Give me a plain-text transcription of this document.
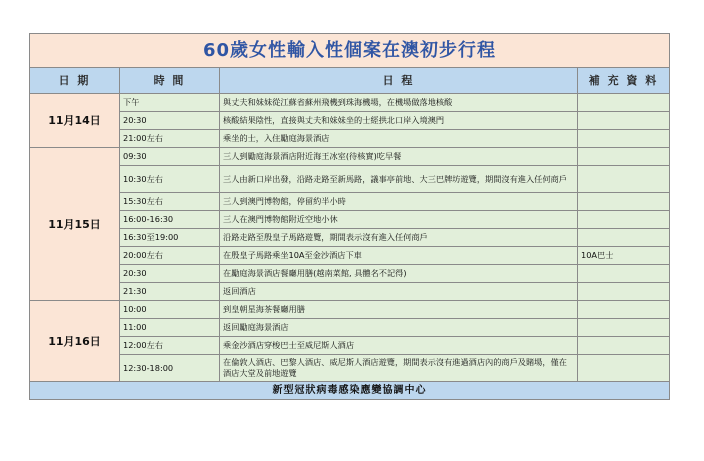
60歲女性輸入性個案在澳初步行程			
日 期	時 間	日 程	補 充 資 料
11月14日	下午	與丈夫和妹妹從江蘇省蘇州飛機到珠海機場，在機場做落地核酸	
	20:30	核酸結果陰性，直接與丈夫和妹妹坐的士經拱北口岸入境澳門	
	21:00左右	乘坐的士，入住勵庭海景酒店	
11月15日	09:30	三人到勵庭海景酒店附近海王冰室(待核實)吃早餐	
	10:30左右	三人由新口岸出發，沿路走路至新馬路，議事亭前地、大三巴牌坊遊覽，期間沒有進入任何商戶	
	15:30左右	三人到澳門博物館，停留約半小時	
	16:00-16:30	三人在澳門博物館附近空地小休	
	16:30至19:00	沿路走路至殷皇子馬路遊覽，期間表示沒有進入任何商戶	
	20:00左右	在殷皇子馬路乘坐10A至金沙酒店下車	10A巴士
	20:30	在勵庭海景酒店餐廳用膳(越南菜館, 具體名不記得)	
	21:30	返回酒店	
11月16日	10:00	到皇朝星海茶餐廳用膳	
	11:00	返回勵庭海景酒店	
	12:00左右	乘金沙酒店穿梭巴士至威尼斯人酒店	
	12:30-18:00	在倫敦人酒店、巴黎人酒店、威尼斯人酒店遊覽，期間表示沒有進過酒店內的商戶及賭場，僅在酒店大堂及前地遊覽	
新型冠狀病毒感染應變協調中心			
